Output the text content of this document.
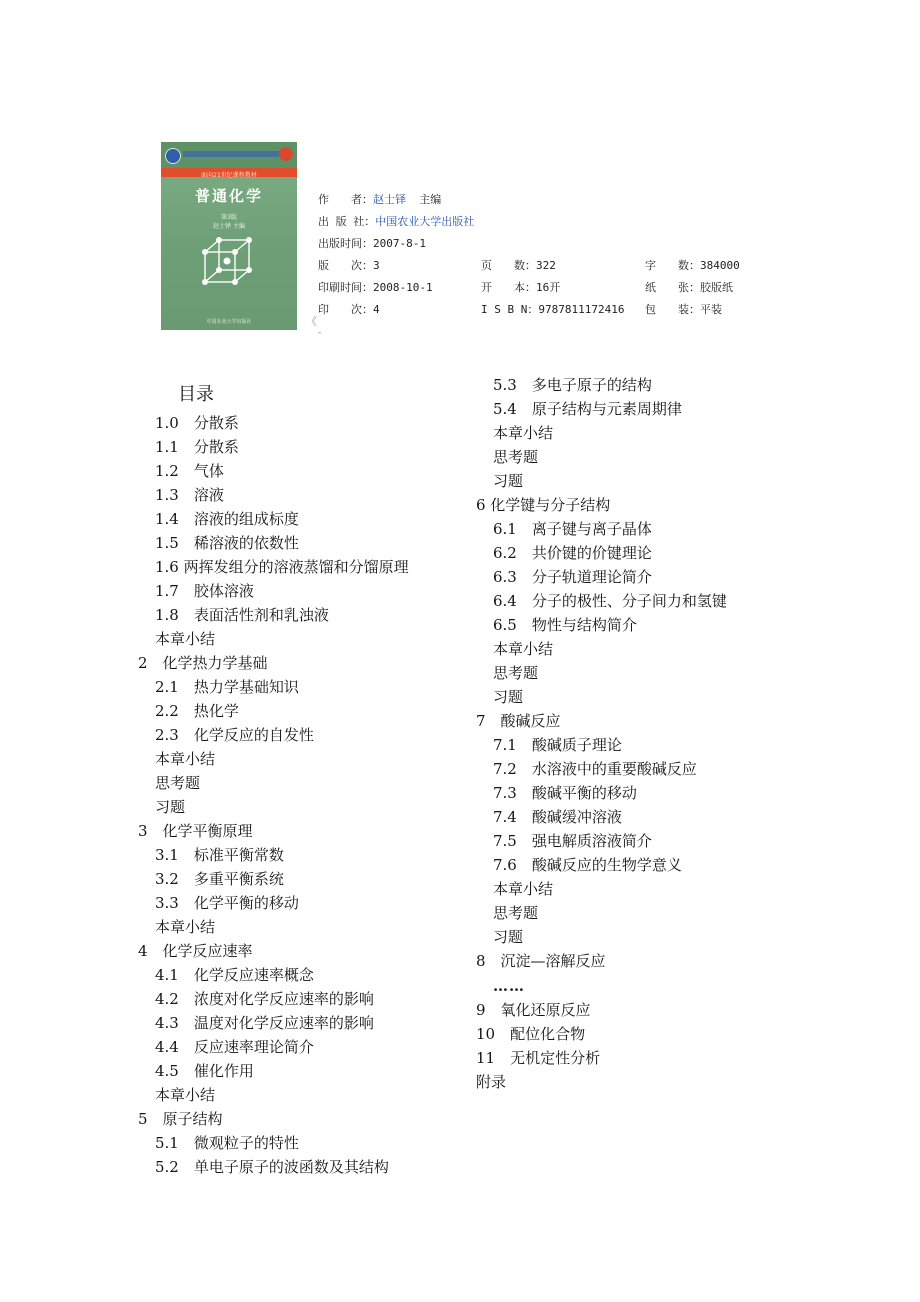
面向21世纪课程教材
普通化学
第3版
赵士铎 主编
中国农业大学出版社	《
-
作　　者：赵士铎 主编
出 版 社：中国农业大学出版社
出版时间：2007-8-1
版　　次：3	页　　数：322	字　　数：384000
印刷时间：2008-10-1	开　　本：16开	纸　　张：胶版纸
印　　次：4	I S B N：9787811172416 包　　装：平装
目录
1.0　分散系
1.1　分散系
1.2　气体
1.3　溶液
1.4　溶液的组成标度
1.5　稀溶液的依数性
1.6 两挥发组分的溶液蒸馏和分馏原理
1.7　胶体溶液
1.8　表面活性剂和乳浊液
本章小结
2　化学热力学基础
2.1　热力学基础知识
2.2　热化学
2.3　化学反应的自发性
本章小结
思考题
习题
3　化学平衡原理
3.1　标准平衡常数
3.2　多重平衡系统
3.3　化学平衡的移动
本章小结
4　化学反应速率
4.1　化学反应速率概念
4.2　浓度对化学反应速率的影响
4.3　温度对化学反应速率的影响
4.4　反应速率理论简介
4.5　催化作用
本章小结
5　原子结构
5.1　微观粒子的特性
5.2　单电子原子的波函数及其结构
5.3　多电子原子的结构
5.4　原子结构与元素周期律
本章小结
思考题
习题
6 化学键与分子结构
6.1　离子键与离子晶体
6.2　共价键的价键理论
6.3　分子轨道理论简介
6.4　分子的极性、分子间力和氢键
6.5　物性与结构简介
本章小结
思考题
习题
7　酸碱反应
7.1　酸碱质子理论
7.2　水溶液中的重要酸碱反应
7.3　酸碱平衡的移动
7.4　酸碱缓冲溶液
7.5　强电解质溶液简介
7.6　酸碱反应的生物学意义
本章小结
思考题
习题
8　沉淀—溶解反应
……
9　氧化还原反应
10　配位化合物
11　无机定性分析
附录
